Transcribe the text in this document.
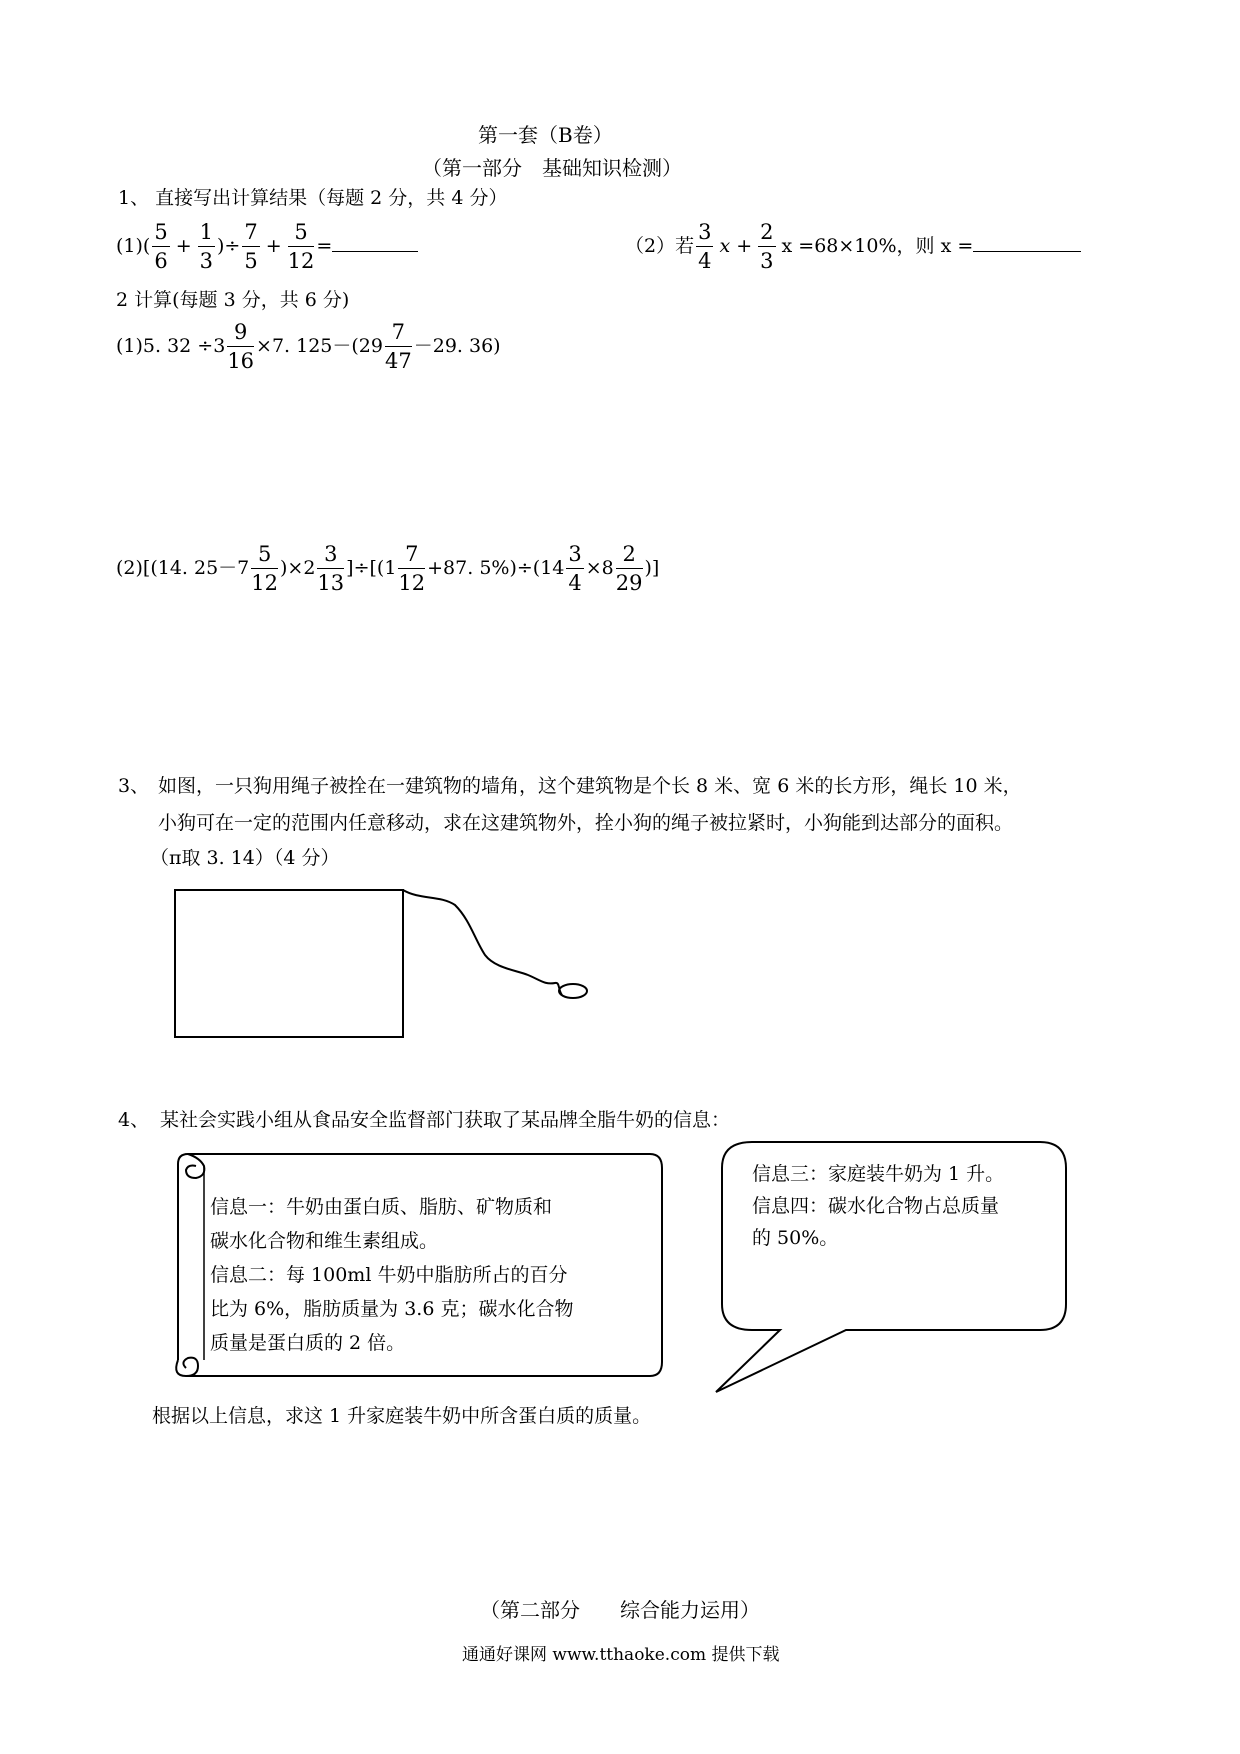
第一套（B卷）
（第一部分　基础知识检测）
1、 直接写出计算结果（每题 2 分，共 4 分）
$(1)( \frac{5}{6} + \frac{1}{3}$ )÷ $\frac{7}{5} + \frac{5}{12}$ =	（2）若 $\frac{3}{4}$ $x + \frac{2}{3}$ x =68×10%，则 x =
2 计算(每题 3 分，共 6 分)
(1)5. $32 \div 3 \frac{9}{16} \times 7$. $125-(29 \frac{7}{47} -29$. 36)
(2)[(14. $25-7 \frac{5}{12} )\times 2 \frac{3}{13} ]\div[(1 \frac{7}{12} +87$. $5\%)\div(14 \frac{3}{4} \times 8 \frac{2}{29}$ )]
3、 如图，一只狗用绳子被拴在一建筑物的墙角，这个建筑物是个长 8 米、宽 6 米的长方形，绳长 10 米，
小狗可在一定的范围内任意移动，求在这建筑物外，拴小狗的绳子被拉紧时，小狗能到达部分的面积。
（π取 3. 14）（4 分）
4、 某社会实践小组从食品安全监督部门获取了某品牌全脂牛奶的信息：
信息一：牛奶由蛋白质、脂肪、矿物质和
碳水化合物和维生素组成。
信息二：每 100ml 牛奶中脂肪所占的百分
比为 6%，脂肪质量为 3.6 克；碳水化合物
质量是蛋白质的 2 倍。
信息三：家庭装牛奶为 1 升。
信息四：碳水化合物占总质量
的 50%。
根据以上信息，求这 1 升家庭装牛奶中所含蛋白质的质量。
（第二部分　　综合能力运用）
通通好课网 www.tthaoke.com 提供下载
